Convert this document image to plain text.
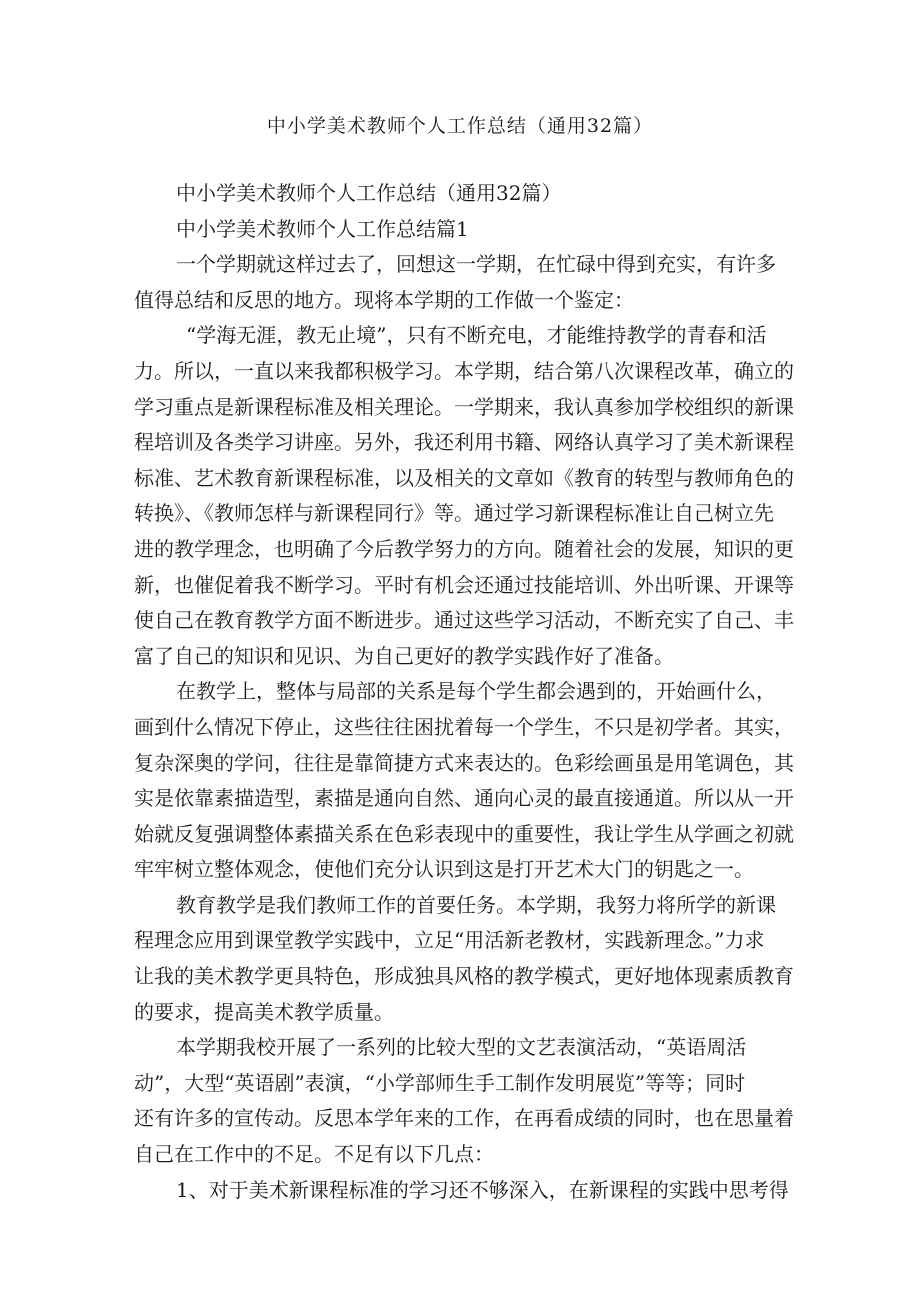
中小学美术教师个人工作总结（通用32篇）
中小学美术教师个人工作总结（通用32篇）
中小学美术教师个人工作总结篇1
一个学期就这样过去了，回想这一学期，在忙碌中得到充实，有许多
值得总结和反思的地方。现将本学期的工作做一个鉴定：
“学海无涯，教无止境”，只有不断充电，才能维持教学的青春和活
力。所以，一直以来我都积极学习。本学期，结合第八次课程改革，确立的
学习重点是新课程标准及相关理论。一学期来，我认真参加学校组织的新课
程培训及各类学习讲座。另外，我还利用书籍、网络认真学习了美术新课程
标准、艺术教育新课程标准，以及相关的文章如《教育的转型与教师角色的
转换》、《教师怎样与新课程同行》等。通过学习新课程标准让自己树立先
进的教学理念，也明确了今后教学努力的方向。随着社会的发展，知识的更
新，也催促着我不断学习。平时有机会还通过技能培训、外出听课、开课等
使自己在教育教学方面不断进步。通过这些学习活动，不断充实了自己、丰
富了自己的知识和见识、为自己更好的教学实践作好了准备。
在教学上，整体与局部的关系是每个学生都会遇到的，开始画什么，
画到什么情况下停止，这些往往困扰着每一个学生，不只是初学者。其实，
复杂深奥的学问，往往是靠简捷方式来表达的。色彩绘画虽是用笔调色，其
实是依靠素描造型，素描是通向自然、通向心灵的最直接通道。所以从一开
始就反复强调整体素描关系在色彩表现中的重要性，我让学生从学画之初就
牢牢树立整体观念，使他们充分认识到这是打开艺术大门的钥匙之一。
教育教学是我们教师工作的首要任务。本学期，我努力将所学的新课
程理念应用到课堂教学实践中，立足“用活新老教材，实践新理念。”力求
让我的美术教学更具特色，形成独具风格的教学模式，更好地体现素质教育
的要求，提高美术教学质量。
本学期我校开展了一系列的比较大型的文艺表演活动，“英语周活
动”，大型“英语剧”表演，“小学部师生手工制作发明展览”等等；同时
还有许多的宣传动。反思本学年来的工作，在再看成绩的同时，也在思量着
自己在工作中的不足。不足有以下几点：
1、对于美术新课程标准的学习还不够深入，在新课程的实践中思考得
